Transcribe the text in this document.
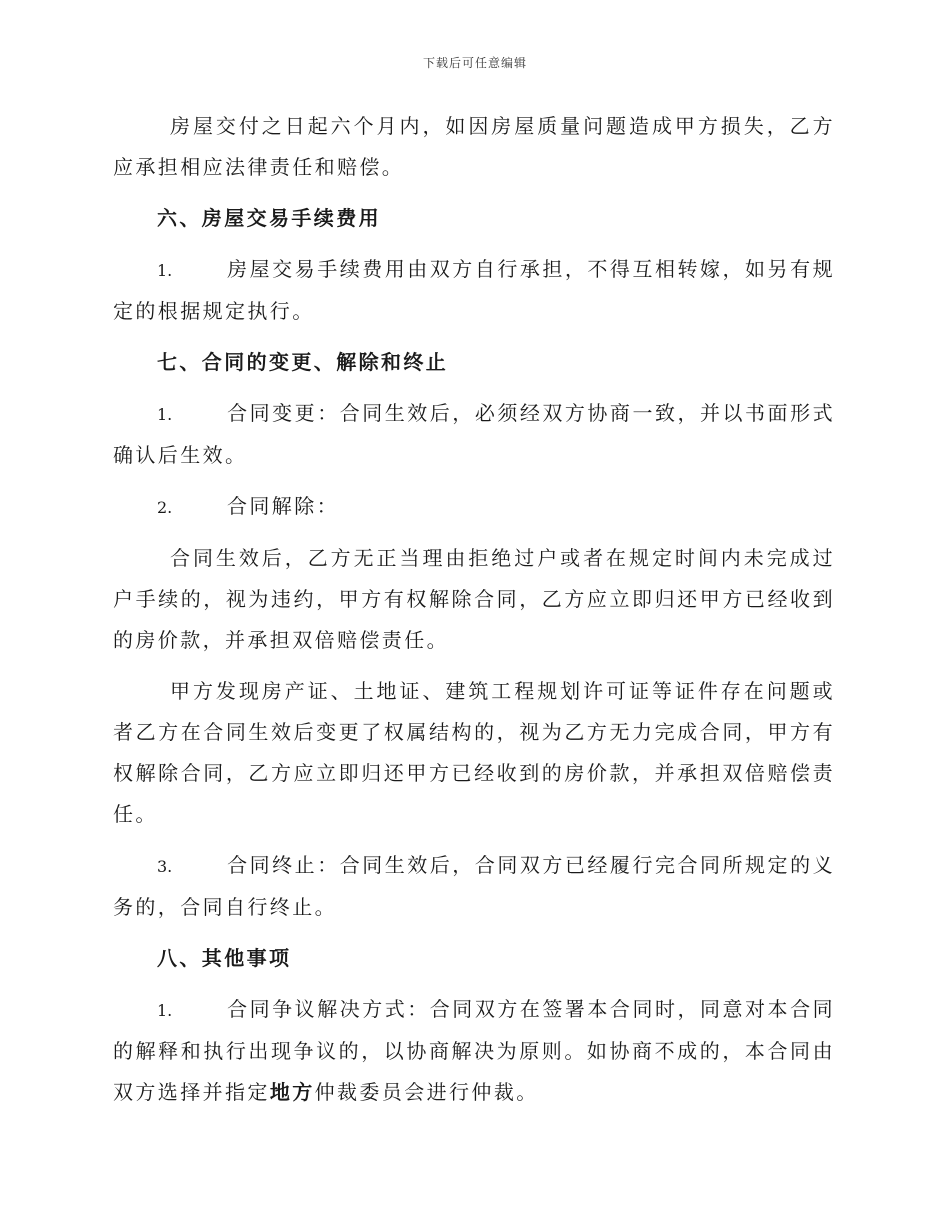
下载后可任意编辑

房屋交付之日起六个月内，如因房屋质量问题造成甲方损失，乙方应承担相应法律责任和赔偿。

六、房屋交易手续费用

1.	房屋交易手续费用由双方自行承担，不得互相转嫁，如另有规定的根据规定执行。

七、合同的变更、解除和终止

1.	合同变更：合同生效后，必须经双方协商一致，并以书面形式确认后生效。

2.	合同解除：

合同生效后，乙方无正当理由拒绝过户或者在规定时间内未完成过户手续的，视为违约，甲方有权解除合同，乙方应立即归还甲方已经收到的房价款，并承担双倍赔偿责任。

甲方发现房产证、土地证、建筑工程规划许可证等证件存在问题或者乙方在合同生效后变更了权属结构的，视为乙方无力完成合同，甲方有权解除合同，乙方应立即归还甲方已经收到的房价款，并承担双倍赔偿责任。

3.	合同终止：合同生效后，合同双方已经履行完合同所规定的义务的，合同自行终止。

八、其他事项

1.	合同争议解决方式：合同双方在签署本合同时，同意对本合同的解释和执行出现争议的，以协商解决为原则。如协商不成的，本合同由双方选择并指定地方仲裁委员会进行仲裁。
